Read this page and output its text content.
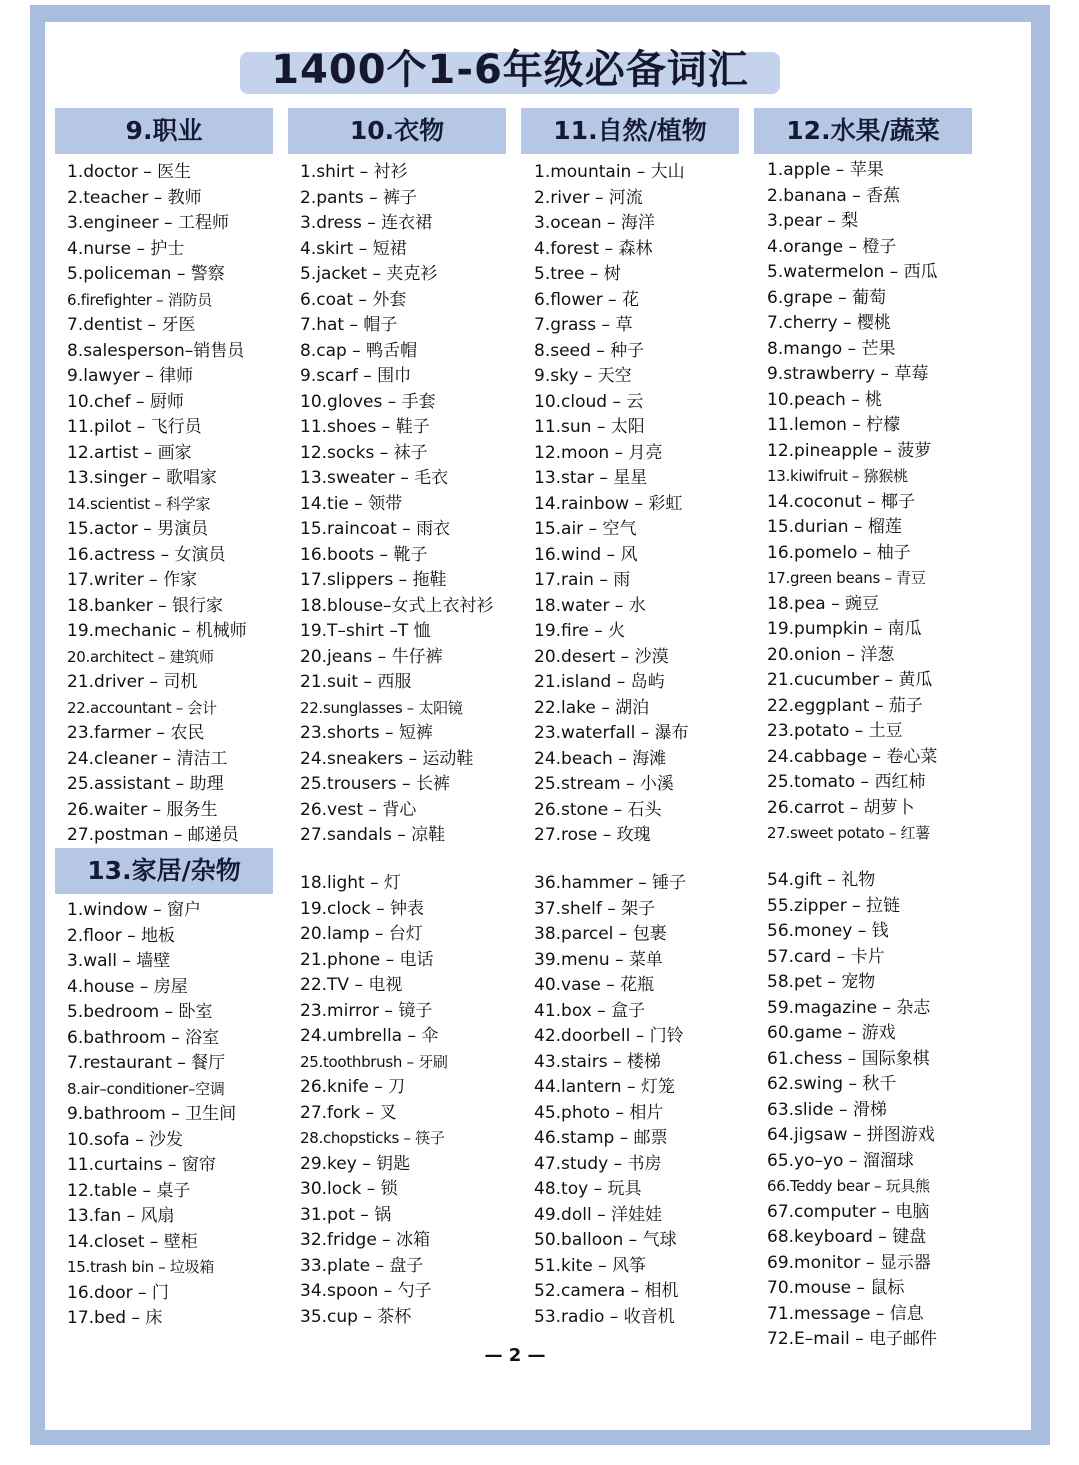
1400个1-6年级必备词汇
9.职业	10.衣物	11.自然/植物	12.水果/蔬菜
1.doctor – 医生
2.teacher – 教师
3.engineer – 工程师
4.nurse – 护士
5.policeman – 警察
6.firefighter – 消防员
7.dentist – 牙医
8.salesperson–销售员
9.lawyer – 律师
10.chef – 厨师
11.pilot – 飞行员
12.artist – 画家
13.singer – 歌唱家
14.scientist – 科学家
15.actor – 男演员
16.actress – 女演员
17.writer – 作家
18.banker – 银行家
19.mechanic – 机械师
20.architect – 建筑师
21.driver – 司机
22.accountant – 会计
23.farmer – 农民
24.cleaner – 清洁工
25.assistant – 助理
26.waiter – 服务生
27.postman – 邮递员
1.shirt – 衬衫
2.pants – 裤子
3.dress – 连衣裙
4.skirt – 短裙
5.jacket – 夹克衫
6.coat – 外套
7.hat – 帽子
8.cap – 鸭舌帽
9.scarf – 围巾
10.gloves – 手套
11.shoes – 鞋子
12.socks – 袜子
13.sweater – 毛衣
14.tie – 领带
15.raincoat – 雨衣
16.boots – 靴子
17.slippers – 拖鞋
18.blouse–女式上衣衬衫
19.T–shirt –T 恤
20.jeans – 牛仔裤
21.suit – 西服
22.sunglasses – 太阳镜
23.shorts – 短裤
24.sneakers – 运动鞋
25.trousers – 长裤
26.vest – 背心
27.sandals – 凉鞋
1.mountain – 大山
2.river – 河流
3.ocean – 海洋
4.forest – 森林
5.tree – 树
6.flower – 花
7.grass – 草
8.seed – 种子
9.sky – 天空
10.cloud – 云
11.sun – 太阳
12.moon – 月亮
13.star – 星星
14.rainbow – 彩虹
15.air – 空气
16.wind – 风
17.rain – 雨
18.water – 水
19.fire – 火
20.desert – 沙漠
21.island – 岛屿
22.lake – 湖泊
23.waterfall – 瀑布
24.beach – 海滩
25.stream – 小溪
26.stone – 石头
27.rose – 玫瑰
1.apple – 苹果
2.banana – 香蕉
3.pear – 梨
4.orange – 橙子
5.watermelon – 西瓜
6.grape – 葡萄
7.cherry – 樱桃
8.mango – 芒果
9.strawberry – 草莓
10.peach – 桃
11.lemon – 柠檬
12.pineapple – 菠萝
13.kiwifruit – 猕猴桃
14.coconut – 椰子
15.durian – 榴莲
16.pomelo – 柚子
17.green beans – 青豆
18.pea – 豌豆
19.pumpkin – 南瓜
20.onion – 洋葱
21.cucumber – 黄瓜
22.eggplant – 茄子
23.potato – 土豆
24.cabbage – 卷心菜
25.tomato – 西红柿
26.carrot – 胡萝卜
27.sweet potato – 红薯
13.家居/杂物
1.window – 窗户
2.floor – 地板
3.wall – 墙壁
4.house – 房屋
5.bedroom – 卧室
6.bathroom – 浴室
7.restaurant – 餐厅
8.air–conditioner–空调
9.bathroom – 卫生间
10.sofa – 沙发
11.curtains – 窗帘
12.table – 桌子
13.fan – 风扇
14.closet – 壁柜
15.trash bin – 垃圾箱
16.door – 门
17.bed – 床
18.light – 灯
19.clock – 钟表
20.lamp – 台灯
21.phone – 电话
22.TV – 电视
23.mirror – 镜子
24.umbrella – 伞
25.toothbrush – 牙刷
26.knife – 刀
27.fork – 叉
28.chopsticks – 筷子
29.key – 钥匙
30.lock – 锁
31.pot – 锅
32.fridge – 冰箱
33.plate – 盘子
34.spoon – 勺子
35.cup – 茶杯
36.hammer – 锤子
37.shelf – 架子
38.parcel – 包裹
39.menu – 菜单
40.vase – 花瓶
41.box – 盒子
42.doorbell – 门铃
43.stairs – 楼梯
44.lantern – 灯笼
45.photo – 相片
46.stamp – 邮票
47.study – 书房
48.toy – 玩具
49.doll – 洋娃娃
50.balloon – 气球
51.kite – 风筝
52.camera – 相机
53.radio – 收音机
54.gift – 礼物
55.zipper – 拉链
56.money – 钱
57.card – 卡片
58.pet – 宠物
59.magazine – 杂志
60.game – 游戏
61.chess – 国际象棋
62.swing – 秋千
63.slide – 滑梯
64.jigsaw – 拼图游戏
65.yo–yo – 溜溜球
66.Teddy bear – 玩具熊
67.computer – 电脑
68.keyboard – 键盘
69.monitor – 显示器
70.mouse – 鼠标
71.message – 信息
72.E–mail – 电子邮件
— 2 —
